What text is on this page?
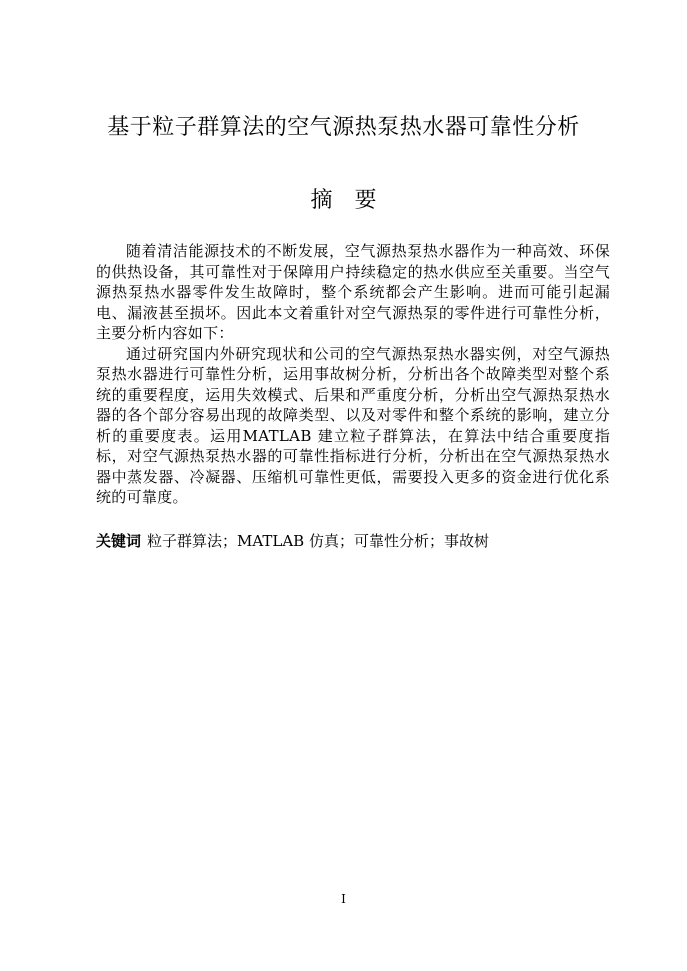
基于粒子群算法的空气源热泵热水器可靠性分析
摘要

随着清洁能源技术的不断发展，空气源热泵热水器作为一种高效、环保的供热设备，其可靠性对于保障用户持续稳定的热水供应至关重要。当空气源热泵热水器零件发生故障时，整个系统都会产生影响。进而可能引起漏电、漏液甚至损坏。因此本文着重针对空气源热泵的零件进行可靠性分析，主要分析内容如下：

通过研究国内外研究现状和公司的空气源热泵热水器实例，对空气源热泵热水器进行可靠性分析，运用事故树分析，分析出各个故障类型对整个系统的重要程度，运用失效模式、后果和严重度分析，分析出空气源热泵热水器的各个部分容易出现的故障类型、以及对零件和整个系统的影响，建立分析的重要度表。运用MATLAB 建立粒子群算法，在算法中结合重要度指标，对空气源热泵热水器的可靠性指标进行分析，分析出在空气源热泵热水器中蒸发器、冷凝器、压缩机可靠性更低，需要投入更多的资金进行优化系统的可靠度。

关键词 粒子群算法；MATLAB 仿真；可靠性分析；事故树
I
